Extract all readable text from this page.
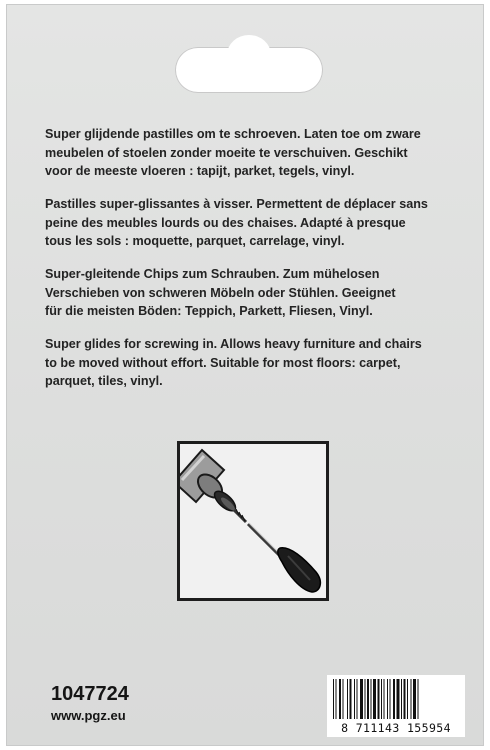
Super glijdende pastilles om te schroeven. Laten toe om zware
meubelen of stoelen zonder moeite te verschuiven. Geschikt
voor de meeste vloeren : tapijt, parket, tegels, vinyl.

Pastilles super-glissantes à visser. Permettent de déplacer sans
peine des meubles lourds ou des chaises. Adapté à presque
tous les sols : moquette, parquet, carrelage, vinyl.

Super-gleitende Chips zum Schrauben. Zum mühelosen
Verschieben von schweren Möbeln oder Stühlen. Geeignet
für die meisten Böden: Teppich, Parkett, Fliesen, Vinyl.

Super glides for screwing in. Allows heavy furniture and chairs
to be moved without effort. Suitable for most floors: carpet,
parquet, tiles, vinyl.

1047724
www.pgz.eu
8 711143 155954
